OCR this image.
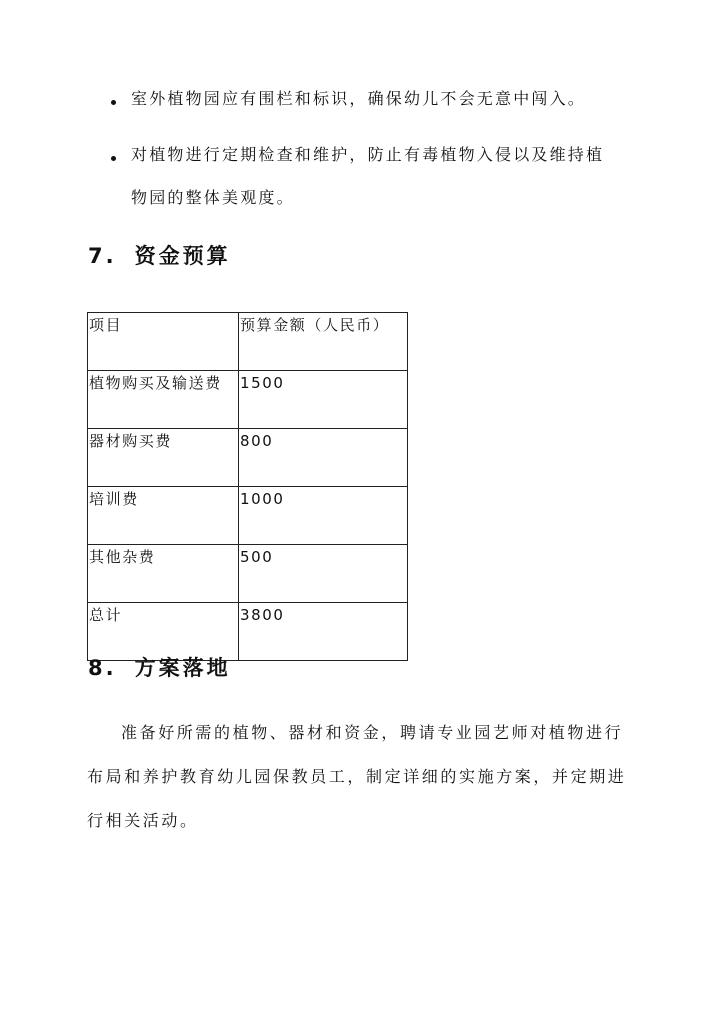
室外植物园应有围栏和标识，确保幼儿不会无意中闯入。
对植物进行定期检查和维护，防止有毒植物入侵以及维持植
物园的整体美观度。
7. 资金预算
项目	预算金额（人民币）
植物购买及输送费	1500
器材购买费	800
培训费	1000
其他杂费	500
总计	3800
8. 方案落地
准备好所需的植物、器材和资金，聘请专业园艺师对植物进行
布局和养护教育幼儿园保教员工，制定详细的实施方案，并定期进
行相关活动。
